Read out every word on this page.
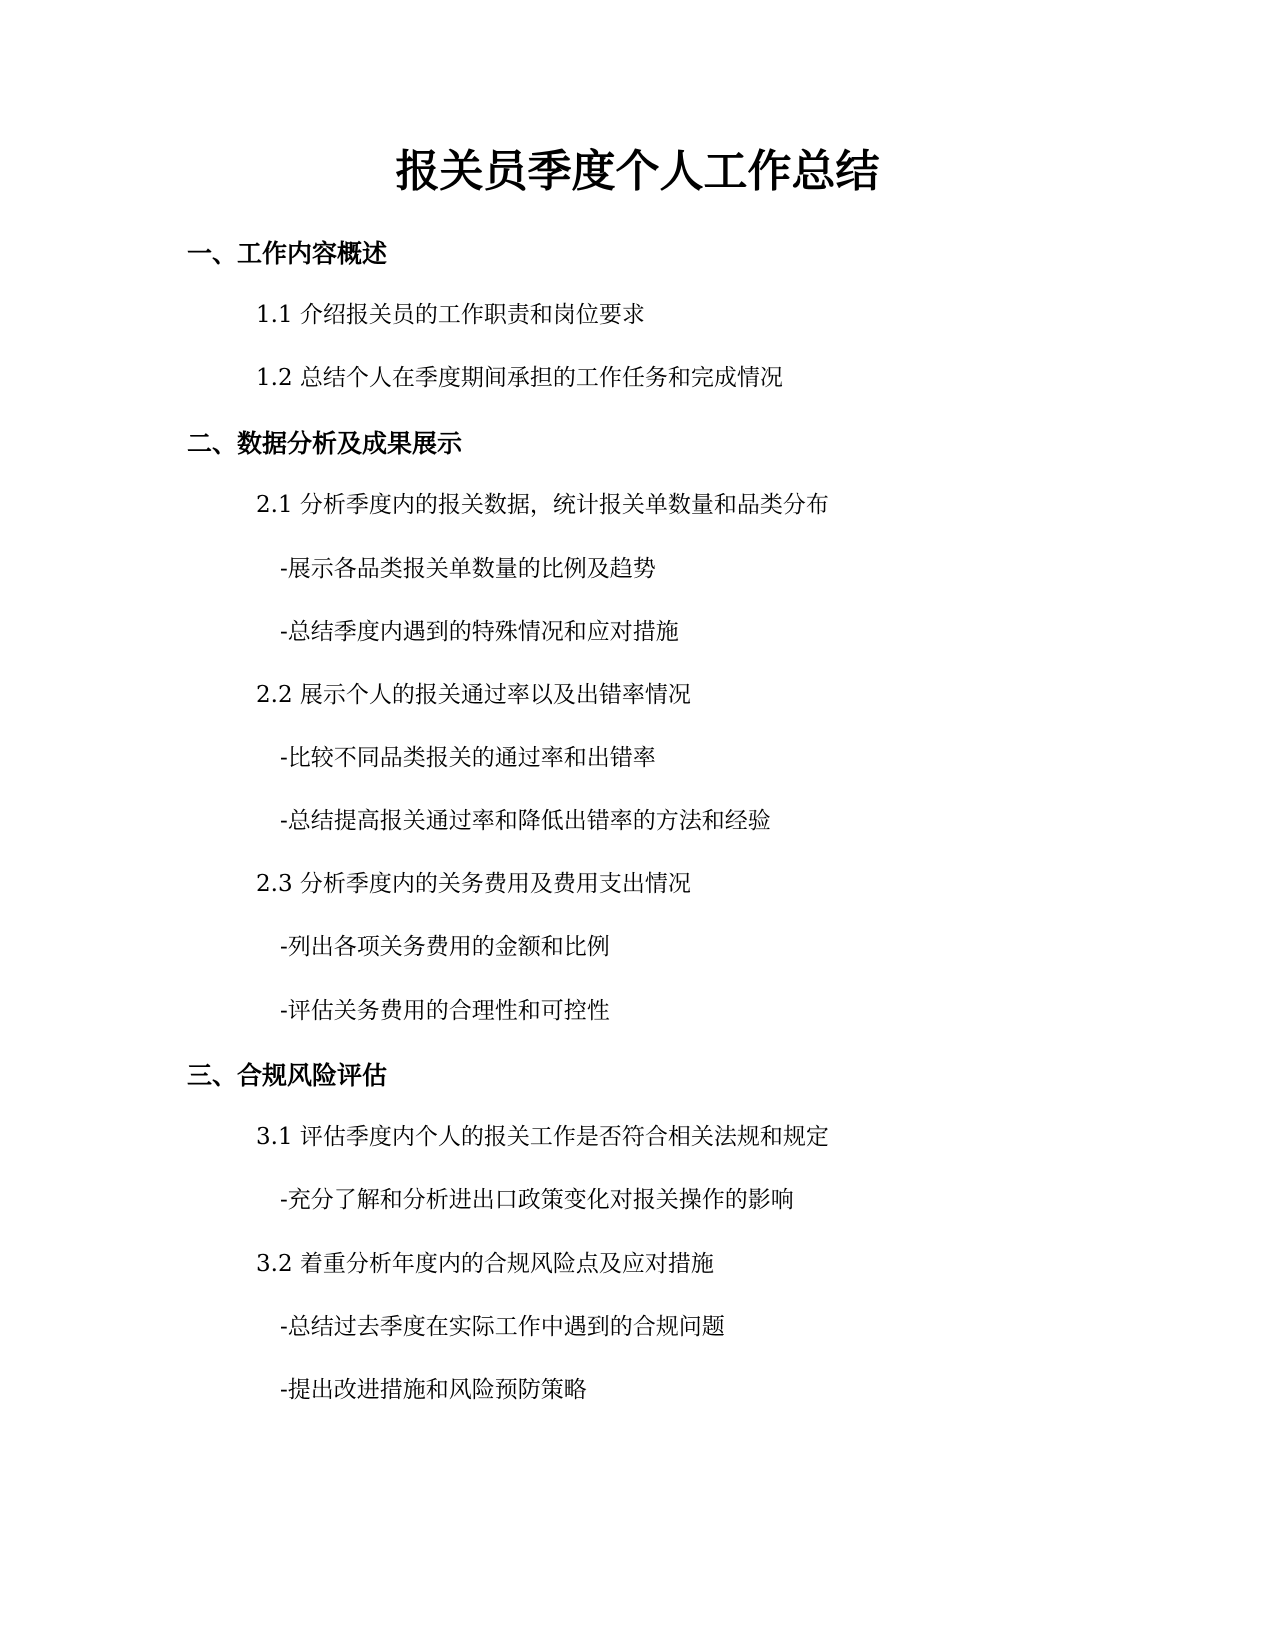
报关员季度个人工作总结
一、工作内容概述
1.1 介绍报关员的工作职责和岗位要求
1.2 总结个人在季度期间承担的工作任务和完成情况
二、数据分析及成果展示
2.1 分析季度内的报关数据，统计报关单数量和品类分布
-展示各品类报关单数量的比例及趋势
-总结季度内遇到的特殊情况和应对措施
2.2 展示个人的报关通过率以及出错率情况
-比较不同品类报关的通过率和出错率
-总结提高报关通过率和降低出错率的方法和经验
2.3 分析季度内的关务费用及费用支出情况
-列出各项关务费用的金额和比例
-评估关务费用的合理性和可控性
三、合规风险评估
3.1 评估季度内个人的报关工作是否符合相关法规和规定
-充分了解和分析进出口政策变化对报关操作的影响
3.2 着重分析年度内的合规风险点及应对措施
-总结过去季度在实际工作中遇到的合规问题
-提出改进措施和风险预防策略
